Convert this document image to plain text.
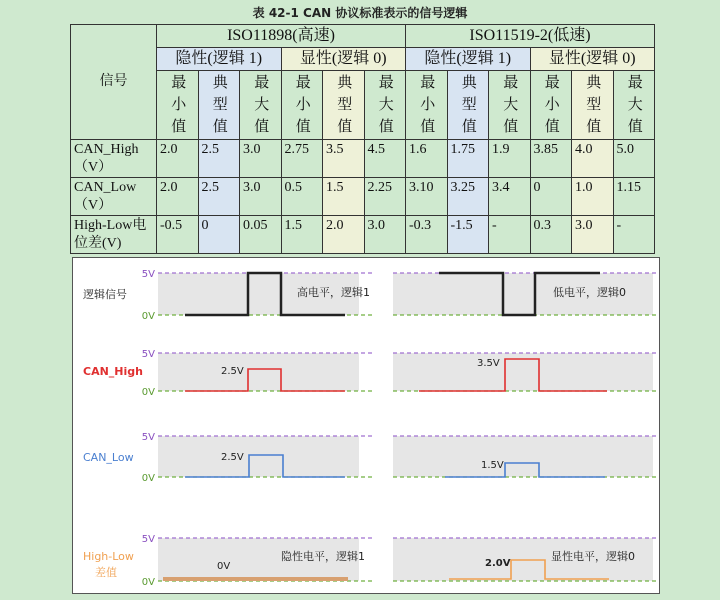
表 42-1 CAN 协议标准表示的信号逻辑
信号	ISO11898(高速)						ISO11519-2(低速)					
	隐性(逻辑 1)			显性(逻辑 0)			隐性(逻辑 1)			显性(逻辑 0)		

	最小值	典型值	最大值	最小值	典型值	最大值	最小值	典型值	最大值	最小值	典型值	最大值

CAN_High（V）	2.0	2.5	3.0	2.75	3.5	4.5	1.6	1.75	1.9	3.85	4.0	5.0
CAN_Low（V）	2.0	2.5	3.0	0.5	1.5	2.25	3.10	3.25	3.4	0	1.0	1.15
High-Low电位差(V)	-0.5	0	0.05	1.5	2.0	3.0	-0.3	-1.5	-	0.3	3.0	-
5V
0V
逻辑信号	高电平，逻辑1	低电平，逻辑0
5V
0V
CAN_High	2.5V
3.5V
5V
0V
CAN_Low	2.5V
1.5V
5V
0V
High-Low
差值	0V
隐性电平，逻辑1
2.0V
显性电平，逻辑0
